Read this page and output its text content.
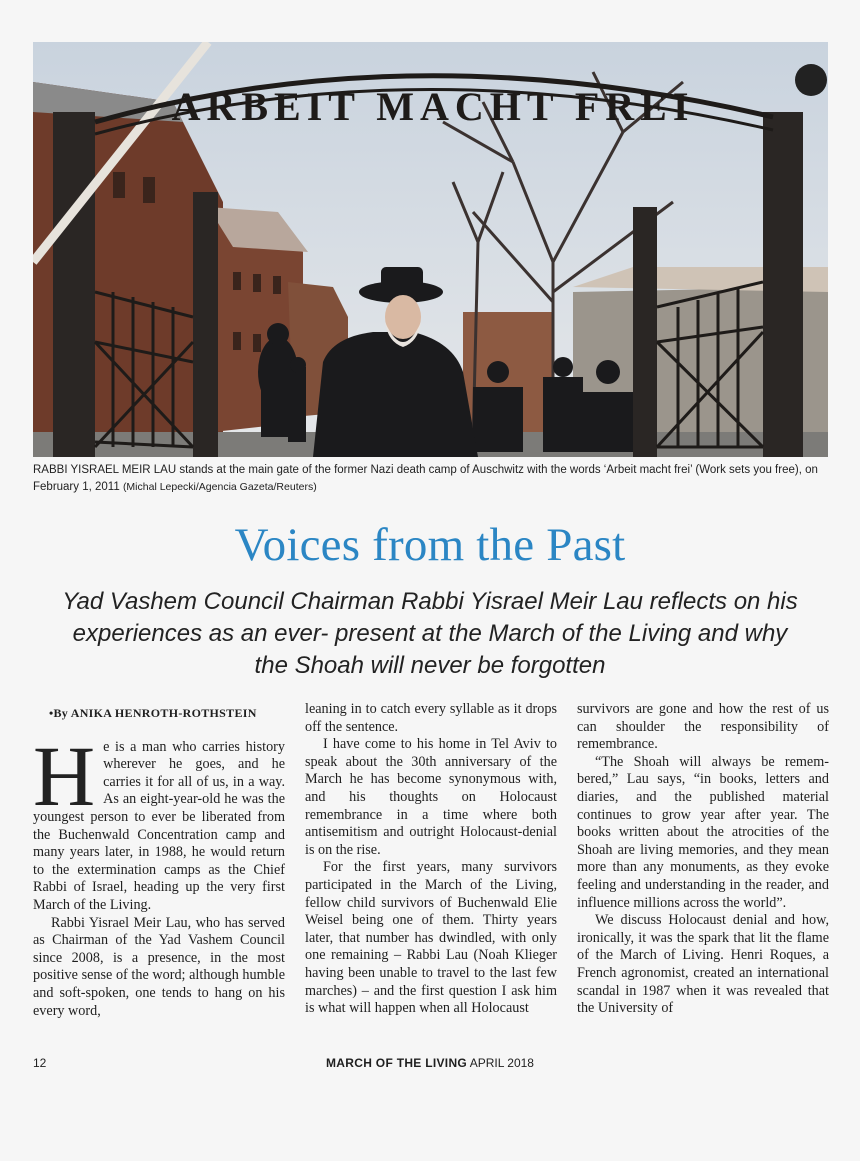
ARBEIT MACHT FREI
RABBI YISRAEL MEIR LAU stands at the main gate of the former Nazi death camp of Auschwitz with the words ‘Arbeit macht frei’ (Work sets you free), on February 1, 2011 (Michal Lepecki/Agencia Gazeta/Reuters)
Voices from the Past
Yad Vashem Council Chairman Rabbi Yisrael Meir Lau reflects on his experiences as an ever- present at the March of the Living and why the Shoah will never be forgotten
•By ANIKA HENROTH-ROTHSTEIN

He is a man who carries history wherever he goes, and he carries it for all of us, in a way. As an eight-year-old he was the youngest person to ever be liberated from the Buchenwald Concentration camp and many years later, in 1988, he would return to the extermination camps as the Chief Rabbi of Israel, heading up the very first March of the Living.

Rabbi Yisrael Meir Lau, who has served as Chairman of the Yad Vashem Council since 2008, is a presence, in the most positive sense of the word; although humble and soft-spoken, one tends to hang on his every word,

leaning in to catch every syllable as it drops off the sentence.

I have come to his home in Tel Aviv to speak about the 30th anniversary of the March he has become synonymous with, and his thoughts on Holocaust remembrance in a time where both antisemitism and outright Holocaust-denial is on the rise.

For the first years, many survivors participated in the March of the Living, fellow child survivors of Buchenwald Elie Weisel being one of them. Thirty years later, that number has dwindled, with only one remaining – Rabbi Lau (Noah Klieger having been unable to travel to the last few marches) – and the first question I ask him is what will happen when all Holocaust

survivors are gone and how the rest of us can shoulder the responsibility of remembrance.

“The Shoah will always be remembered,” Lau says, “in books, letters and diaries, and the published material continues to grow year after year. The books written about the atrocities of the Shoah are living memories, and they mean more than any monuments, as they evoke feeling and understanding in the reader, and influence millions across the world”.

We discuss Holocaust denial and how, ironically, it was the spark that lit the flame of the March of Living. Henri Roques, a French agronomist, created an international scandal in 1987 when it was revealed that the University of

12	MARCH OF THE LIVING APRIL 2018
